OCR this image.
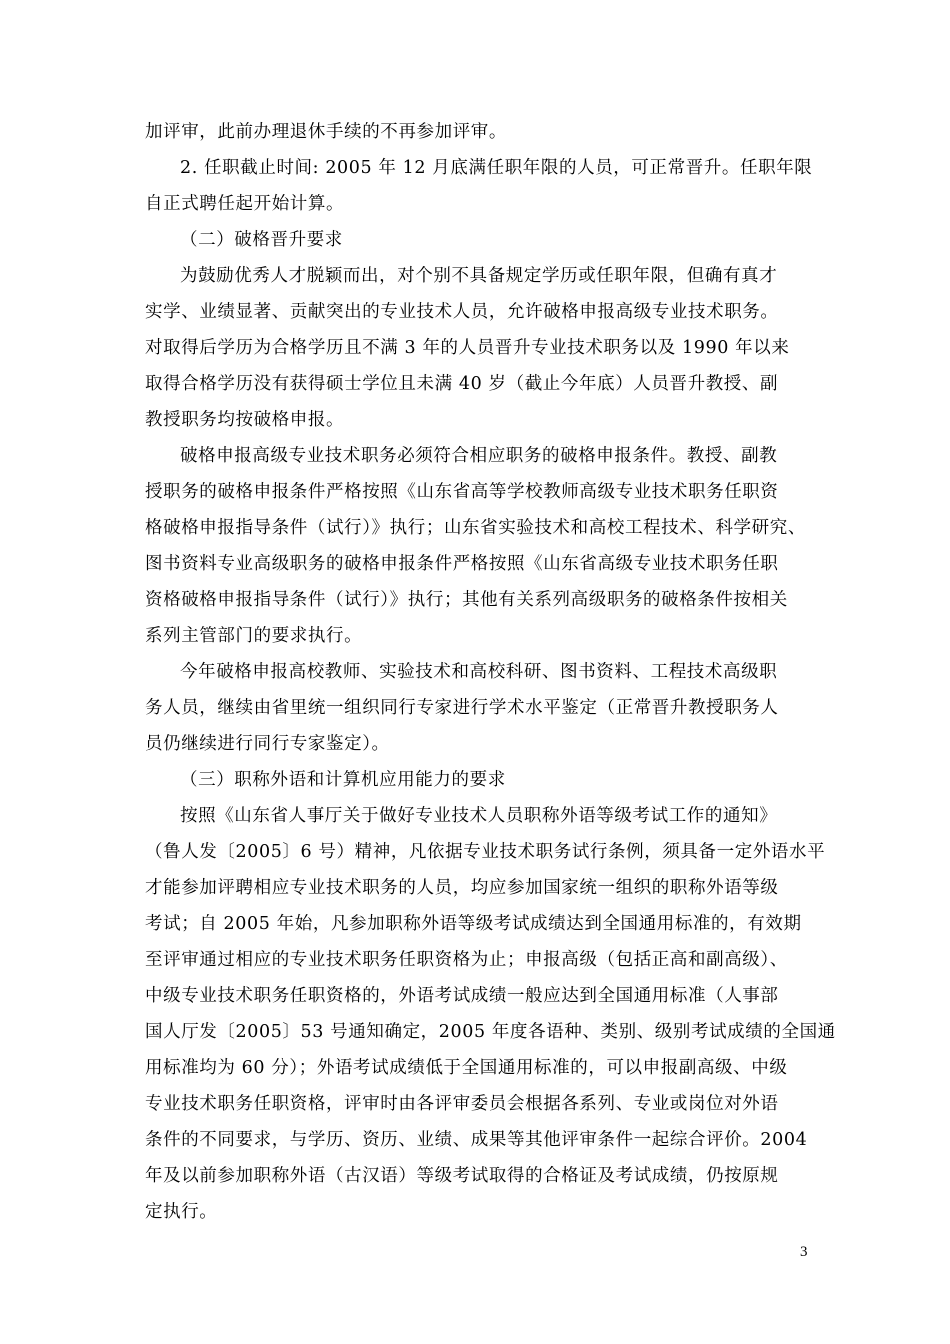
加评审，此前办理退休手续的不再参加评审。
2. 任职截止时间: 2005 年 12 月底满任职年限的人员，可正常晋升。任职年限
自正式聘任起开始计算。
（二）破格晋升要求
为鼓励优秀人才脱颖而出，对个别不具备规定学历或任职年限，但确有真才
实学、业绩显著、贡献突出的专业技术人员，允许破格申报高级专业技术职务。
对取得后学历为合格学历且不满 3 年的人员晋升专业技术职务以及 1990 年以来
取得合格学历没有获得硕士学位且未满 40 岁（截止今年底）人员晋升教授、副
教授职务均按破格申报。
破格申报高级专业技术职务必须符合相应职务的破格申报条件。教授、副教
授职务的破格申报条件严格按照《山东省高等学校教师高级专业技术职务任职资
格破格申报指导条件（试行）》执行；山东省实验技术和高校工程技术、科学研究、
图书资料专业高级职务的破格申报条件严格按照《山东省高级专业技术职务任职
资格破格申报指导条件（试行）》执行；其他有关系列高级职务的破格条件按相关
系列主管部门的要求执行。
今年破格申报高校教师、实验技术和高校科研、图书资料、工程技术高级职
务人员，继续由省里统一组织同行专家进行学术水平鉴定（正常晋升教授职务人
员仍继续进行同行专家鉴定）。
（三）职称外语和计算机应用能力的要求
按照《山东省人事厅关于做好专业技术人员职称外语等级考试工作的通知》
（鲁人发〔2005〕6 号）精神，凡依据专业技术职务试行条例，须具备一定外语水平
才能参加评聘相应专业技术职务的人员，均应参加国家统一组织的职称外语等级
考试；自 2005 年始，凡参加职称外语等级考试成绩达到全国通用标准的，有效期
至评审通过相应的专业技术职务任职资格为止；申报高级（包括正高和副高级）、
中级专业技术职务任职资格的，外语考试成绩一般应达到全国通用标准（人事部
国人厅发〔2005〕53 号通知确定，2005 年度各语种、类别、级别考试成绩的全国通
用标准均为 60 分）；外语考试成绩低于全国通用标准的，可以申报副高级、中级
专业技术职务任职资格，评审时由各评审委员会根据各系列、专业或岗位对外语
条件的不同要求，与学历、资历、业绩、成果等其他评审条件一起综合评价。2004
年及以前参加职称外语（古汉语）等级考试取得的合格证及考试成绩，仍按原规
定执行。
3
